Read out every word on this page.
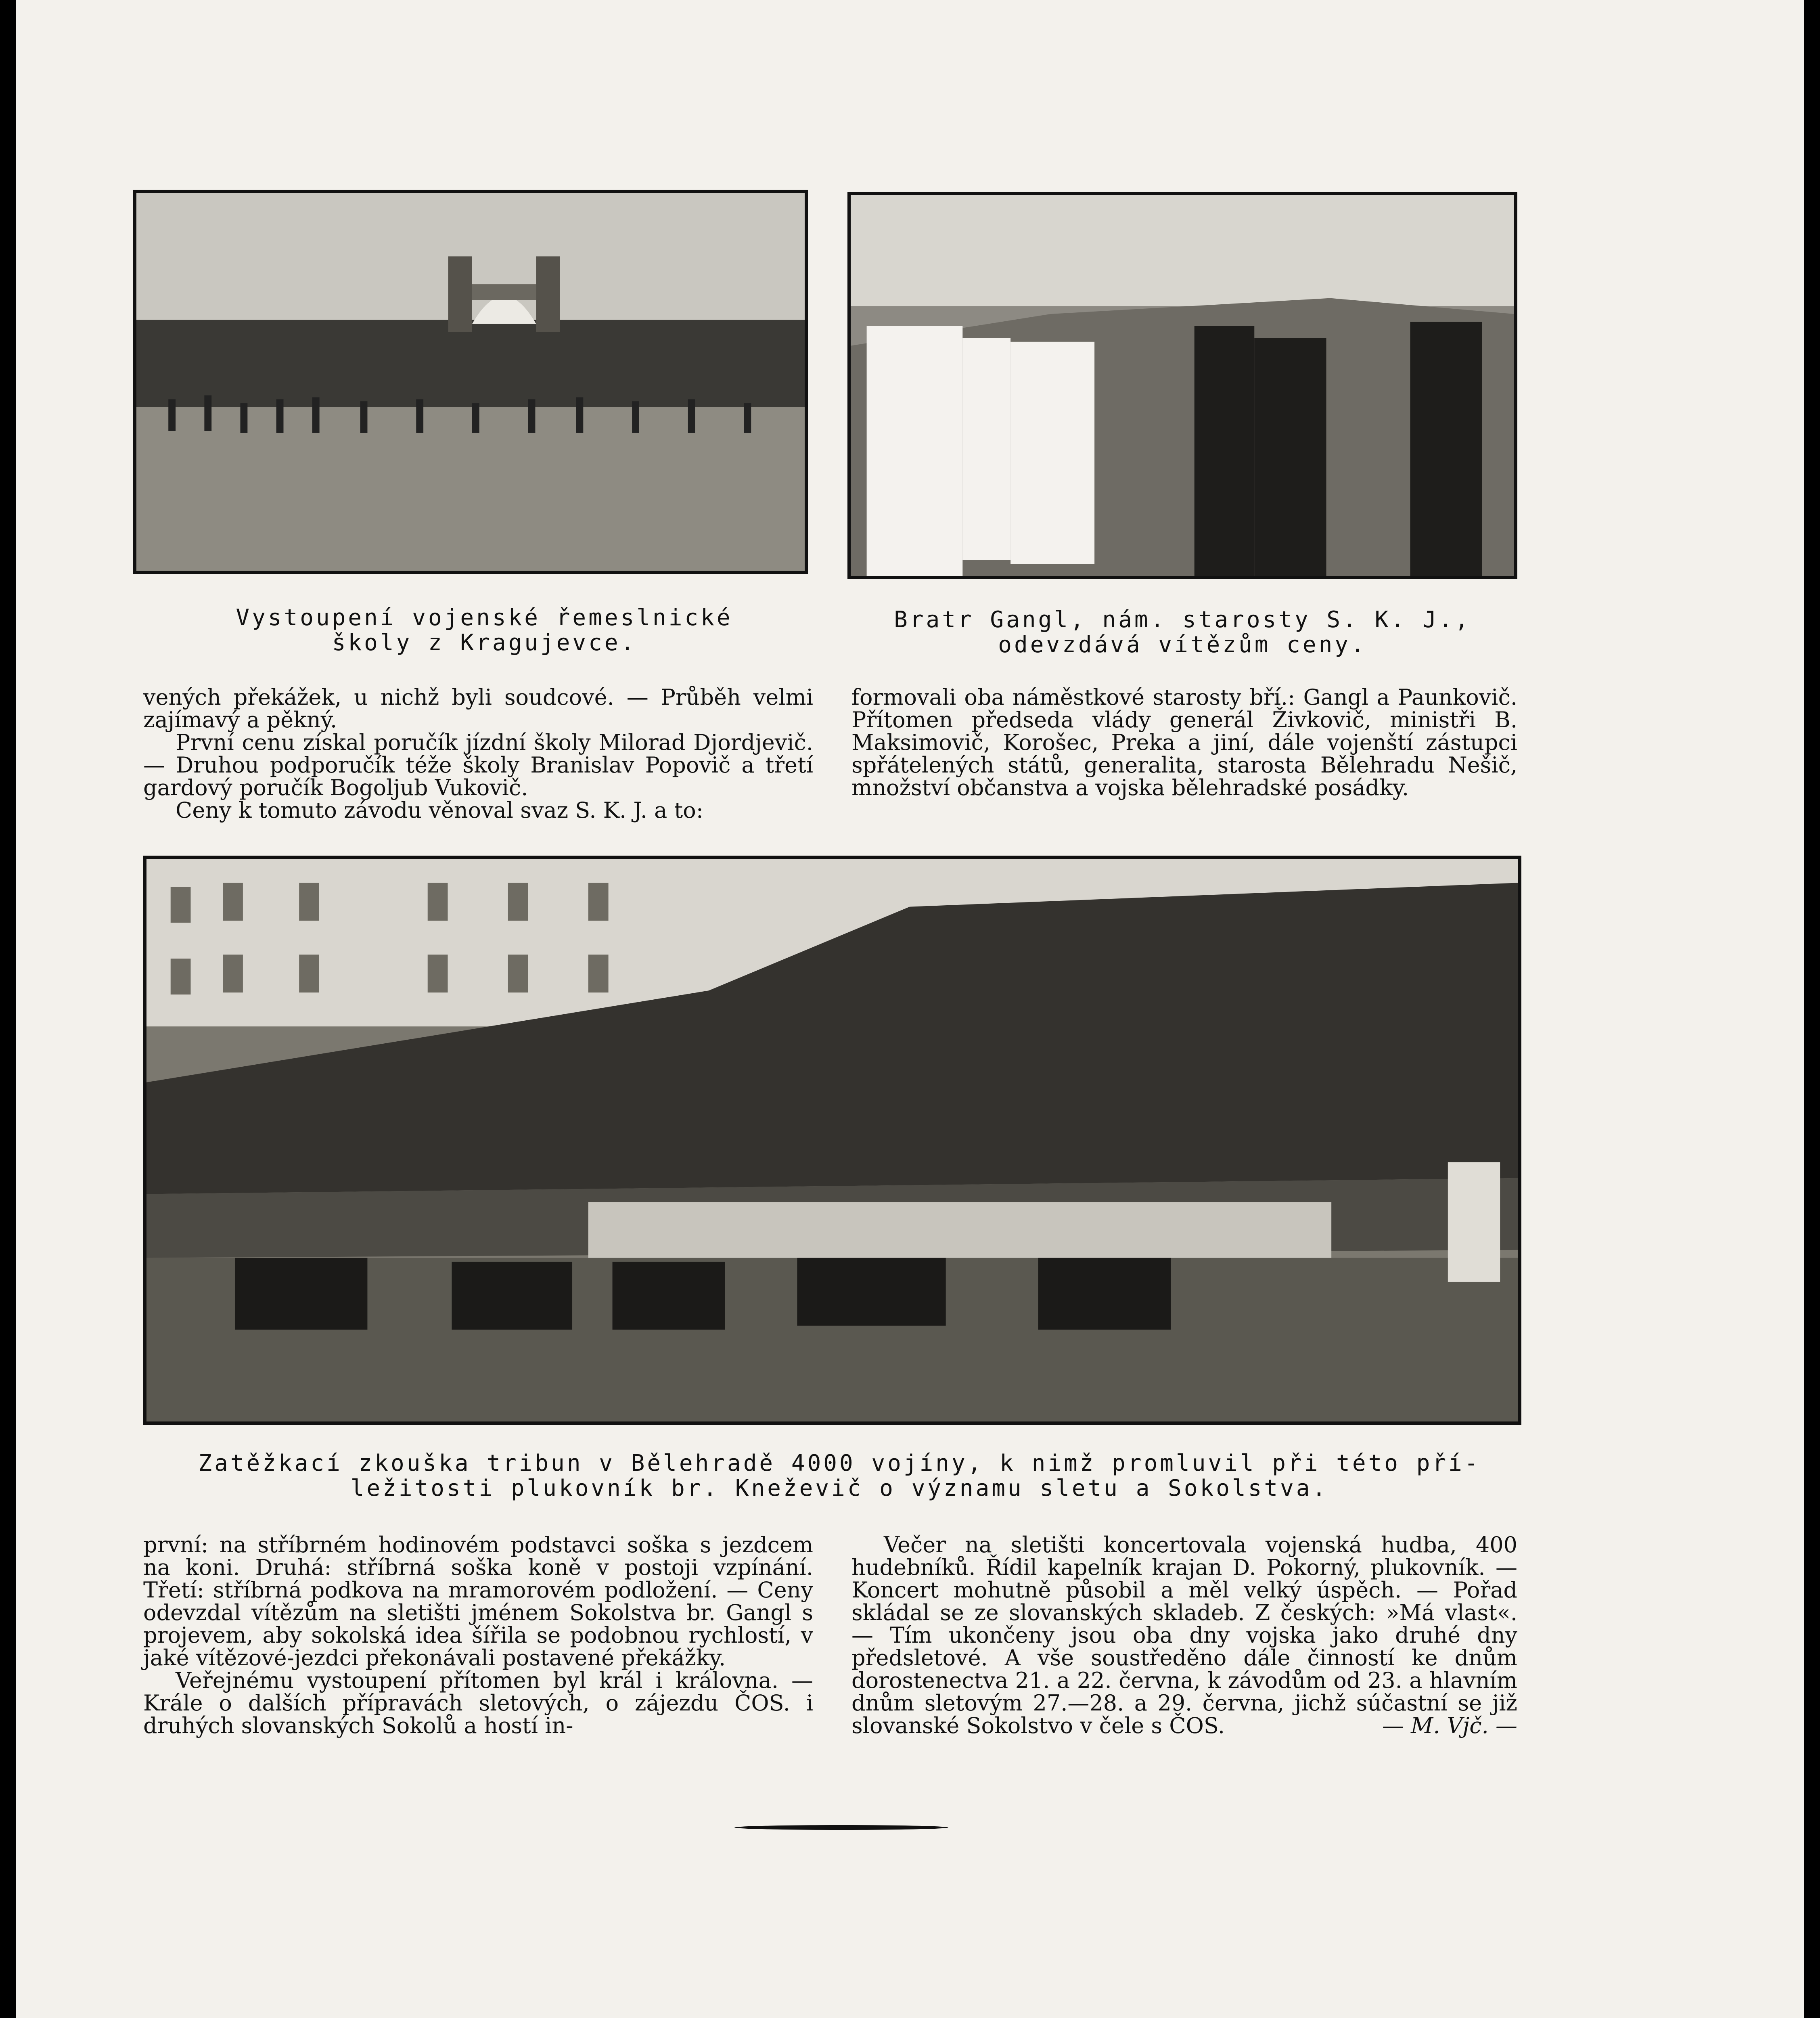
Vystoupení vojenské řemeslnické
školy z Kragujevce.
Bratr Gangl, nám. starosty S. K. J.,
odevzdává vítězům ceny.

vených překážek, u nichž byli soudcové. — Průběh velmi zajímavý a pěkný.

První cenu získal poručík jízdní školy Milorad Djordjevič. — Druhou podporučík téže školy Branislav Popovič a třetí gardový poručík Bogoljub Vukovič.

Ceny k tomuto závodu věnoval svaz S. K. J. a to:

formovali oba náměstkové starosty bří.: Gangl a Paunkovič. Přítomen předseda vlády generál Živkovič, ministři B. Maksimovič, Korošec, Preka a jiní, dále vojenští zástupci spřátelených států, generalita, starosta Bělehradu Nešič, množství občanstva a vojska bělehradské posádky.

Zatěžkací zkouška tribun v Bělehradě 4000 vojíny, k nimž promluvil při této pří-
ležitosti plukovník br. Kneževič o významu sletu a Sokolstva.

první: na stříbrném hodinovém podstavci soška s jezdcem na koni. Druhá: stříbrná soška koně v postoji vzpínání. Třetí: stříbrná podkova na mramorovém podložení. — Ceny odevzdal vítězům na sletišti jménem Sokolstva br. Gangl s projevem, aby sokolská idea šířila se podobnou rychlostí, v jaké vítězové-jezdci překonávali postavené překážky.

Veřejnému vystoupení přítomen byl král i královna. — Krále o dalších přípravách sletových, o zájezdu ČOS. i druhých slovanských Sokolů a hostí in-

Večer na sletišti koncertovala vojenská hudba, 400 hudebníků. Řídil kapelník krajan D. Pokorný, plukovník. — Koncert mohutně působil a měl velký úspěch. — Pořad skládal se ze slovanských skladeb. Z českých: »Má vlast«. — Tím ukončeny jsou oba dny vojska jako druhé dny předsletové. A vše soustředěno dále činností ke dnům dorostenectva 21. a 22. června, k závodům od 23. a hlavním dnům sletovým 27.—28. a 29. června, jichž súčastní se již slovanské Sokolstvo v čele s ČOS.	— M. Vjč. —
